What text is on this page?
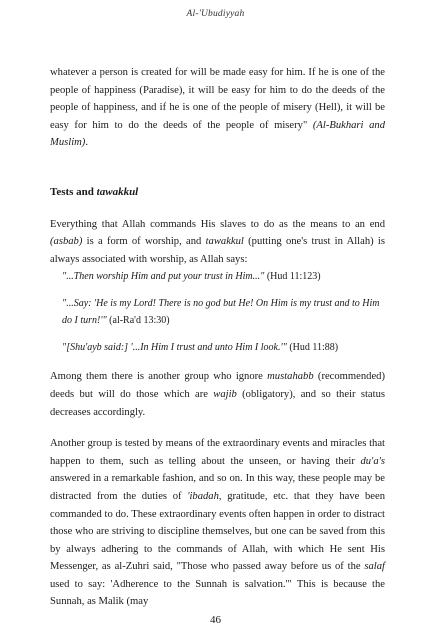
Al-'Ubudiyyah

whatever a person is created for will be made easy for him. If he is one of the people of happiness (Paradise), it will be easy for him to do the deeds of the people of happiness, and if he is one of the people of misery (Hell), it will be easy for him to do the deeds of the people of misery" (Al-Bukhari and Muslim).

Tests and tawakkul

Everything that Allah commands His slaves to do as the means to an end (asbab) is a form of worship, and tawakkul (putting one's trust in Allah) is always associated with worship, as Allah says:

"...Then worship Him and put your trust in Him..." (Hud 11:123)

"...Say: 'He is my Lord! There is no god but He! On Him is my trust and to Him do I turn!'" (al-Ra'd 13:30)

"[Shu'ayb said:] '...In Him I trust and unto Him I look.'" (Hud 11:88)

Among them there is another group who ignore mustahabb (recommended) deeds but will do those which are wajib (obligatory), and so their status decreases accordingly.

Another group is tested by means of the extraordinary events and miracles that happen to them, such as telling about the unseen, or having their du'a's answered in a remarkable fashion, and so on. In this way, these people may be distracted from the duties of 'ibadah, gratitude, etc. that they have been commanded to do. These extraordinary events often happen in order to distract those who are striving to discipline themselves, but one can be saved from this by always adhering to the commands of Allah, with which He sent His Messenger, as al-Zuhri said, "Those who passed away before us of the salaf used to say: 'Adherence to the Sunnah is salvation.'" This is because the Sunnah, as Malik (may

46
